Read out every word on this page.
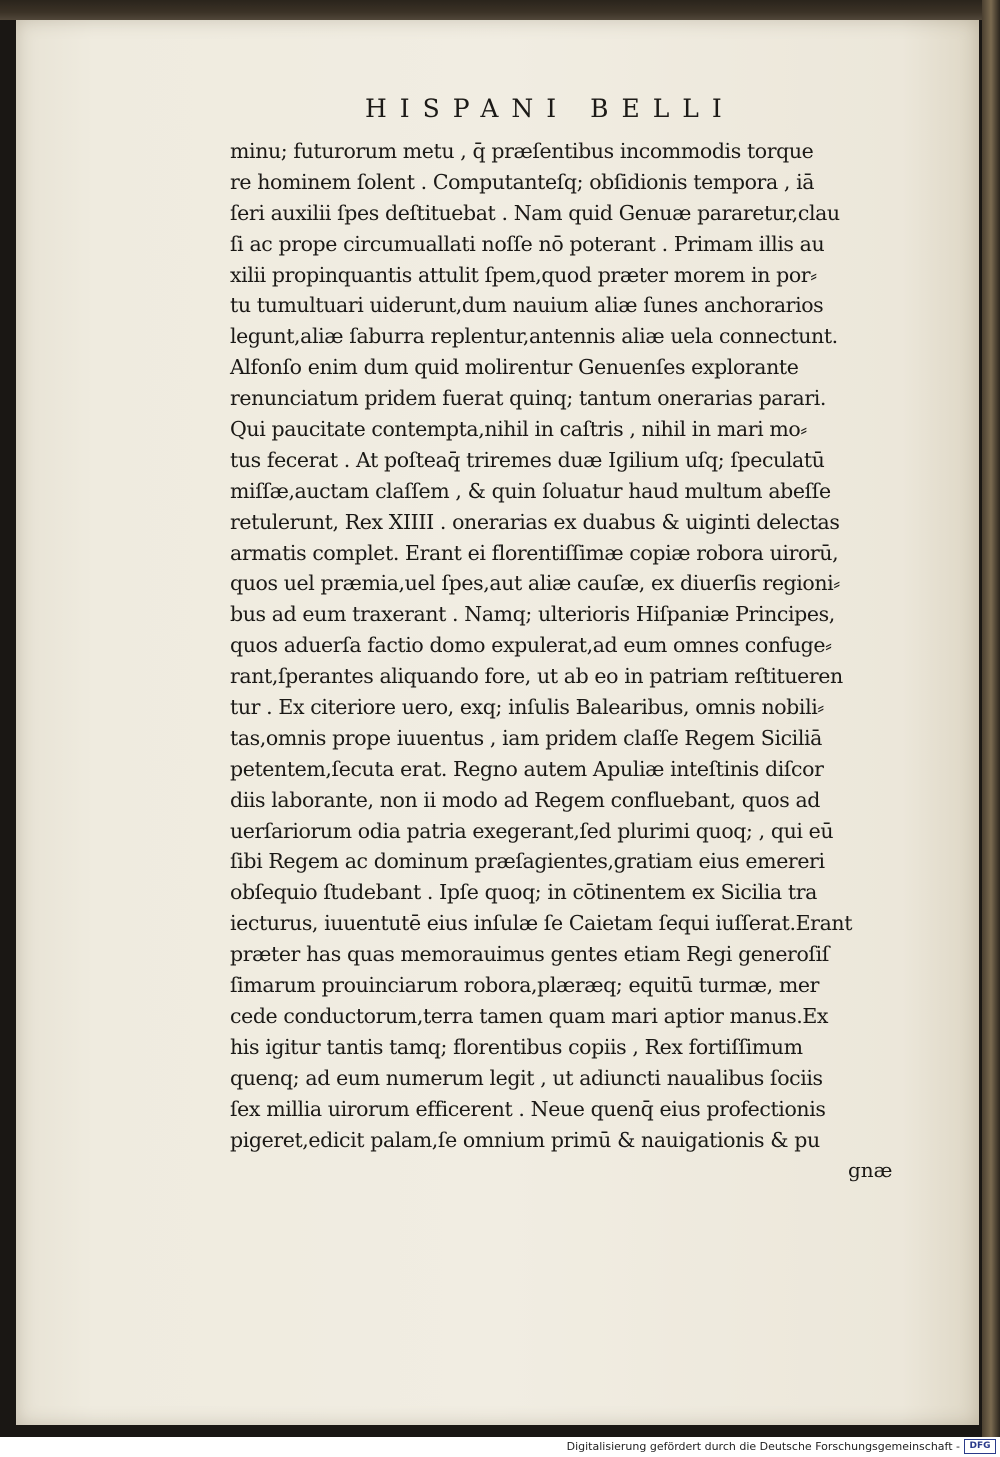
HISPANI BELLI
minu; futurorum metu , q̄ præſentibus incommodis torque
re hominem ſolent . Computanteſq; obſidionis tempora , iā
ſeri auxilii ſpes deſtituebat . Nam quid Genuæ pararetur,clau
ſi ac prope circumuallati noſſe nō poterant . Primam illis au
xilii propinquantis attulit ſpem,quod præter morem in por⸗
tu tumultuari uiderunt,dum nauium aliæ ſunes anchorarios
legunt,aliæ ſaburra replentur,antennis aliæ uela connectunt.
Alfonſo enim dum quid molirentur Genuenſes explorante
renunciatum pridem fuerat quinq; tantum onerarias parari.
Qui paucitate contempta,nihil in caſtris , nihil in mari mo⸗
tus fecerat . At poſteaq̄ triremes duæ Igilium uſq; ſpeculatū
miſſæ,auctam claſſem , & quin ſoluatur haud multum abeſſe
retulerunt, Rex XIIII . onerarias ex duabus & uiginti delectas
armatis complet. Erant ei florentiſſimæ copiæ robora uirorū,
quos uel præmia,uel ſpes,aut aliæ cauſæ, ex diuerſis regioni⸗
bus ad eum traxerant . Namq; ulterioris Hiſpaniæ Principes,
quos aduerſa factio domo expulerat,ad eum omnes confuge⸗
rant,ſperantes aliquando fore, ut ab eo in patriam reſtitueren
tur . Ex citeriore uero, exq; inſulis Balearibus, omnis nobili⸗
tas,omnis prope iuuentus , iam pridem claſſe Regem Siciliā
petentem,ſecuta erat. Regno autem Apuliæ inteſtinis diſcor
diis laborante, non ii modo ad Regem confluebant, quos ad
uerſariorum odia patria exegerant,ſed plurimi quoq; , qui eū
ſibi Regem ac dominum præſagientes,gratiam eius emereri
obſequio ſtudebant . Ipſe quoq; in cōtinentem ex Sicilia tra
iecturus, iuuentutē eius inſulæ ſe Caietam ſequi iuſſerat.Erant
præter has quas memorauimus gentes etiam Regi generoſiſ
ſimarum prouinciarum robora,plæræq; equitū turmæ, mer
cede conductorum,terra tamen quam mari aptior manus.Ex
his igitur tantis tamq; florentibus copiis , Rex fortiſſimum
quenq; ad eum numerum legit , ut adiuncti naualibus ſociis
ſex millia uirorum efficerent . Neue quenq̄ eius profectionis
pigeret,edicit palam,ſe omnium primū & nauigationis & pu
gnæ
Digitalisierung gefördert durch die Deutsche Forschungsgemeinschaft -	DFG
